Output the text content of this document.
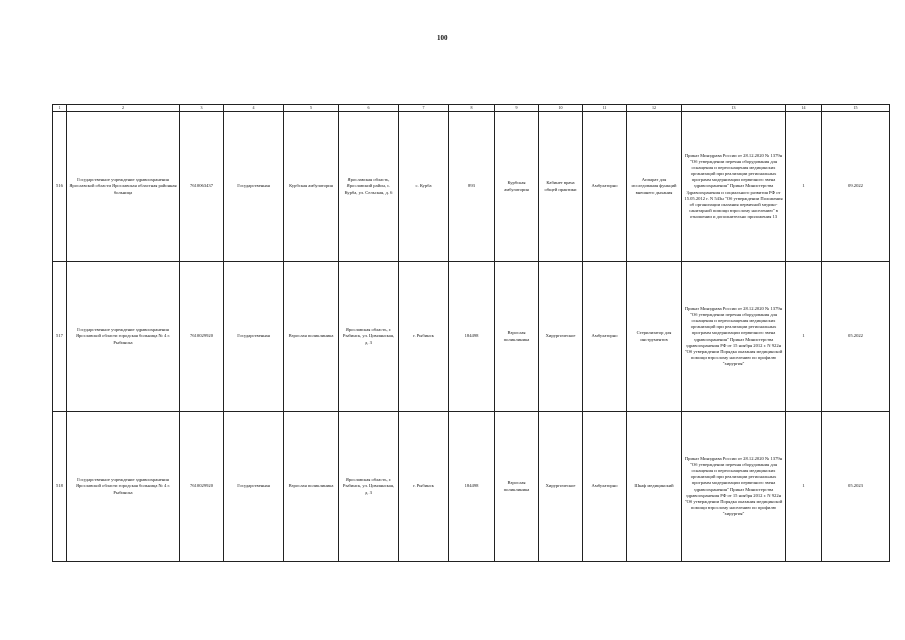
100
1	2	3	4	5	6	7	8	9	10	11	12	13	14	15
516	Государственное учреждение здравоохранения Ярославской области Ярославская областная районная больница	7610063437	Государственная	Курбская амбулатория	Ярославская область, Ярославский район, с. Курба, ул. Сельская, д. 6	с. Курба	893	Курбская амбулатория	Кабинет врача общей практики	Амбулаторно	Аппарат для исследования функций внешнего дыхания	Приказ Минздрава России от 28.12.2020 № 1379н "Об утверждении перечня оборудования для оснащения и переоснащения медицинских организаций при реализации региональных программ модернизации первичного звена здравоохранения" Приказ Министерства Здравоохранения и социального развития РФ от 15.05.2012 г. N 543н "Об утверждении Положения об организации оказания первичной медико-санитарной помощи взрослому населению" в отношении и дополнительно приложения 13	1	09.2022
517	Государственное учреждение здравоохранения Ярославской области городская больница № 4 г. Рыбинска	7610029920	Государственная	Взрослая поликлиника	Ярославская область, г. Рыбинск, ул. Цимлянская, д. 3	г. Рыбинск	184498	Взрослая поликлиника	Хирургическое	Амбулаторно	Стерилизатор для инструментов	Приказ Минздрава России от 28.12.2020 № 1379н "Об утверждении перечня оборудования для оснащения и переоснащения медицинских организаций при реализации региональных программ модернизации первичного звена здравоохранения" Приказ Министерства здравоохранения РФ от 15 ноября 2012 г. N 922н "Об утверждении Порядка оказания медицинской помощи взрослому населению по профилю "хирургия"	1	05.2022
518	Государственное учреждение здравоохранения Ярославской области городская больница № 4 г. Рыбинска	7610029920	Государственная	Взрослая поликлиника	Ярославская область, г. Рыбинск, ул. Цимлянская, д. 3	г. Рыбинск	184498	Взрослая поликлиника	Хирургическое	Амбулаторно	Шкаф медицинский	Приказ Минздрава России от 28.12.2020 № 1379н "Об утверждении перечня оборудования для оснащения и переоснащения медицинских организаций при реализации региональных программ модернизации первичного звена здравоохранения" Приказ Министерства здравоохранения РФ от 15 ноября 2012 г. N 922н "Об утверждении Порядка оказания медицинской помощи взрослому населению по профилю "хирургия"	1	05.2023
